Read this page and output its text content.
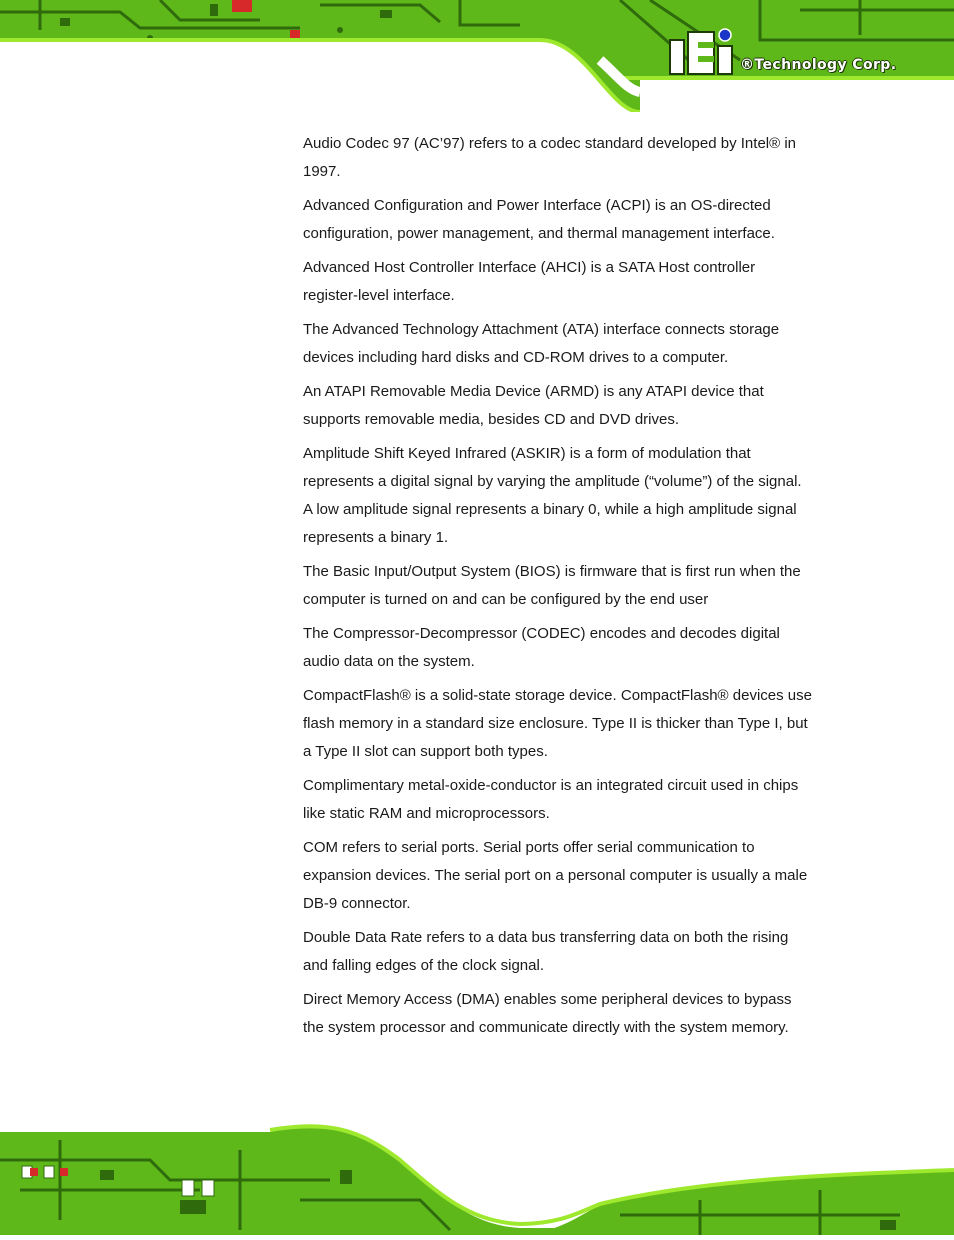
®Technology Corp.

Audio Codec 97 (AC’97) refers to a codec standard developed by Intel® in 1997.

Advanced Configuration and Power Interface (ACPI) is an OS-directed configuration, power management, and thermal management interface.

Advanced Host Controller Interface (AHCI) is a SATA Host controller register-level interface.

The Advanced Technology Attachment (ATA) interface connects storage devices including hard disks and CD-ROM drives to a computer.

An ATAPI Removable Media Device (ARMD) is any ATAPI device that supports removable media, besides CD and DVD drives.

Amplitude Shift Keyed Infrared (ASKIR) is a form of modulation that represents a digital signal by varying the amplitude (“volume”) of the signal. A low amplitude signal represents a binary 0, while a high amplitude signal represents a binary 1.

The Basic Input/Output System (BIOS) is firmware that is first run when the computer is turned on and can be configured by the end user

The Compressor-Decompressor (CODEC) encodes and decodes digital audio data on the system.

CompactFlash® is a solid-state storage device. CompactFlash® devices use flash memory in a standard size enclosure. Type II is thicker than Type I, but a Type II slot can support both types.

Complimentary metal-oxide-conductor is an integrated circuit used in chips like static RAM and microprocessors.

COM refers to serial ports. Serial ports offer serial communication to expansion devices. The serial port on a personal computer is usually a male DB-9 connector.

Double Data Rate refers to a data bus transferring data on both the rising and falling edges of the clock signal.

Direct Memory Access (DMA) enables some peripheral devices to bypass the system processor and communicate directly with the system memory.
